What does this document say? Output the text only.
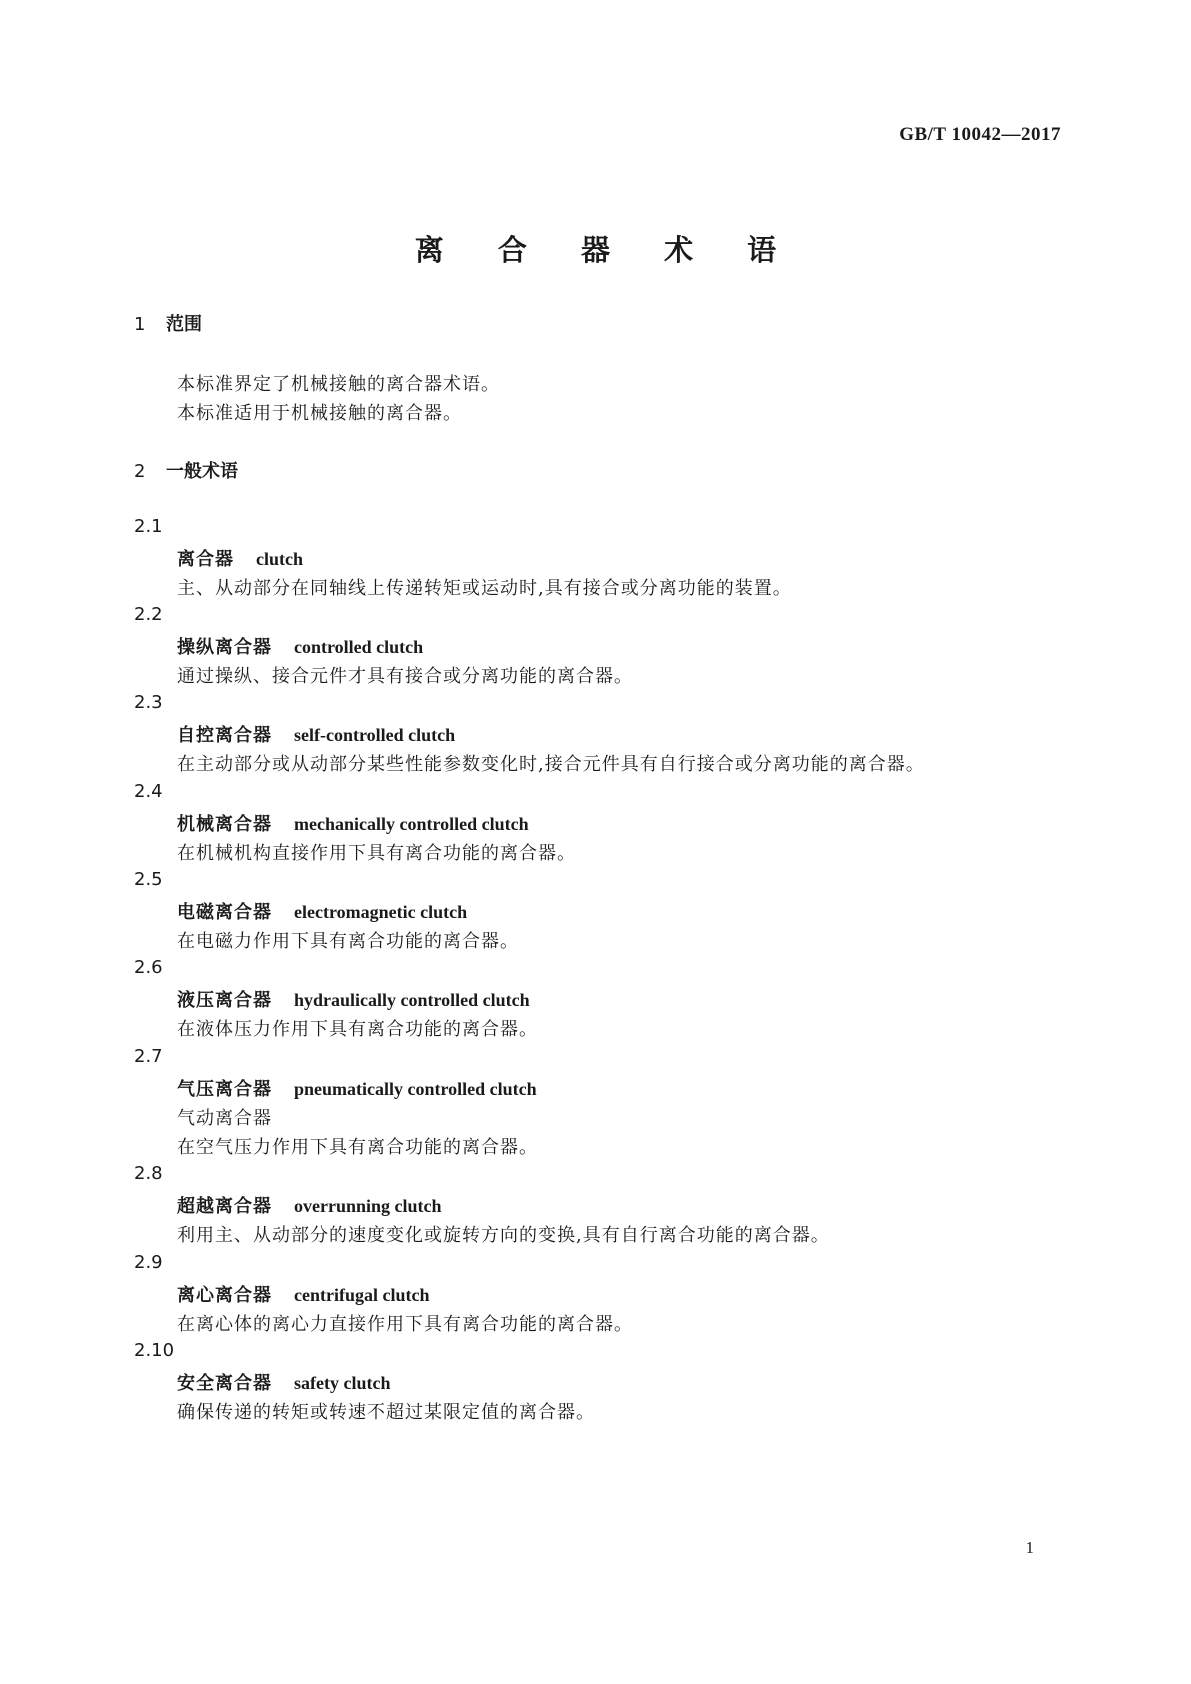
GB/T 10042—2017
离 合 器 术 语
1 范围
本标准界定了机械接触的离合器术语。
本标准适用于机械接触的离合器。
2 一般术语
2.1
离合器 clutch
主、从动部分在同轴线上传递转矩或运动时,具有接合或分离功能的装置。
2.2
操纵离合器 controlled clutch
通过操纵、接合元件才具有接合或分离功能的离合器。
2.3
自控离合器 self-controlled clutch
在主动部分或从动部分某些性能参数变化时,接合元件具有自行接合或分离功能的离合器。
2.4
机械离合器 mechanically controlled clutch
在机械机构直接作用下具有离合功能的离合器。
2.5
电磁离合器 electromagnetic clutch
在电磁力作用下具有离合功能的离合器。
2.6
液压离合器 hydraulically controlled clutch
在液体压力作用下具有离合功能的离合器。
2.7
气压离合器 pneumatically controlled clutch
气动离合器
在空气压力作用下具有离合功能的离合器。
2.8
超越离合器 overrunning clutch
利用主、从动部分的速度变化或旋转方向的变换,具有自行离合功能的离合器。
2.9
离心离合器 centrifugal clutch
在离心体的离心力直接作用下具有离合功能的离合器。
2.10
安全离合器 safety clutch
确保传递的转矩或转速不超过某限定值的离合器。
1
